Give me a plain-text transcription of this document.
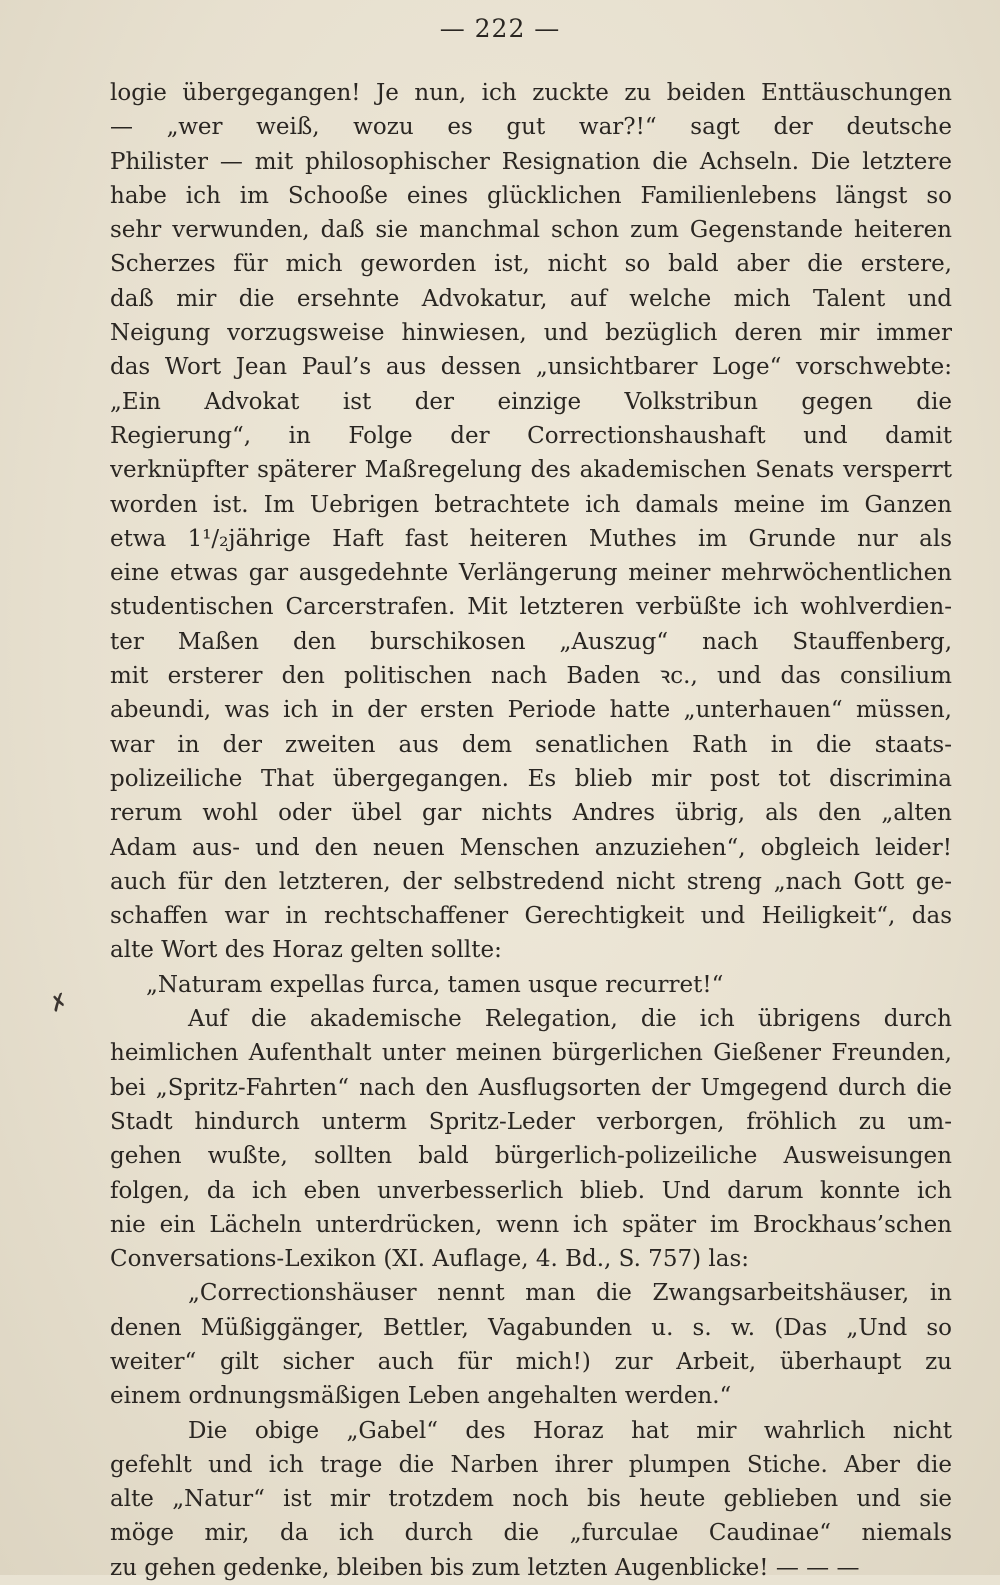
— 222 —
✗
logie übergegangen! Je nun, ich zuckte zu beiden Enttäuschungen
— „wer weiß, wozu es gut war?!“ sagt der deutsche
Philister — mit philosophischer Resignation die Achseln. Die letztere
habe ich im Schooße eines glücklichen Familienlebens längst so
sehr verwunden, daß sie manchmal schon zum Gegenstande heiteren
Scherzes für mich geworden ist, nicht so bald aber die erstere,
daß mir die ersehnte Advokatur, auf welche mich Talent und
Neigung vorzugsweise hinwiesen, und bezüglich deren mir immer
das Wort Jean Paul’s aus dessen „unsichtbarer Loge“ vorschwebte:
„Ein Advokat ist der einzige Volkstribun gegen die
Regierung“, in Folge der Correctionshaushaft und damit
verknüpfter späterer Maßregelung des akademischen Senats versperrt
worden ist. Im Uebrigen betrachtete ich damals meine im Ganzen
etwa 1¹/₂jährige Haft fast heiteren Muthes im Grunde nur als
eine etwas gar ausgedehnte Verlängerung meiner mehrwöchentlichen
studentischen Carcerstrafen. Mit letzteren verbüßte ich wohlverdien-
ter Maßen den burschikosen „Auszug“ nach Stauffenberg,
mit ersterer den politischen nach Baden ꝛc., und das consilium
abeundi, was ich in der ersten Periode hatte „unterhauen“ müssen,
war in der zweiten aus dem senatlichen Rath in die staats-
polizeiliche That übergegangen. Es blieb mir post tot discrimina
rerum wohl oder übel gar nichts Andres übrig, als den „alten
Adam aus- und den neuen Menschen anzuziehen“, obgleich leider!
auch für den letzteren, der selbstredend nicht streng „nach Gott ge-
schaffen war in rechtschaffener Gerechtigkeit und Heiligkeit“, das
alte Wort des Horaz gelten sollte:
„Naturam expellas furca, tamen usque recurret!“
Auf die akademische Relegation, die ich übrigens durch
heimlichen Aufenthalt unter meinen bürgerlichen Gießener Freunden,
bei „Spritz-Fahrten“ nach den Ausflugsorten der Umgegend durch die
Stadt hindurch unterm Spritz-Leder verborgen, fröhlich zu um-
gehen wußte, sollten bald bürgerlich-polizeiliche Ausweisungen
folgen, da ich eben unverbesserlich blieb. Und darum konnte ich
nie ein Lächeln unterdrücken, wenn ich später im Brockhaus’schen
Conversations-Lexikon (XI. Auflage, 4. Bd., S. 757) las:
„Correctionshäuser nennt man die Zwangsarbeitshäuser, in
denen Müßiggänger, Bettler, Vagabunden u. s. w. (Das „Und so
weiter“ gilt sicher auch für mich!) zur Arbeit, überhaupt zu
einem ordnungsmäßigen Leben angehalten werden.“
Die obige „Gabel“ des Horaz hat mir wahrlich nicht
gefehlt und ich trage die Narben ihrer plumpen Stiche. Aber die
alte „Natur“ ist mir trotzdem noch bis heute geblieben und sie
möge mir, da ich durch die „furculae Caudinae“ niemals
zu gehen gedenke, bleiben bis zum letzten Augenblicke! — — —
